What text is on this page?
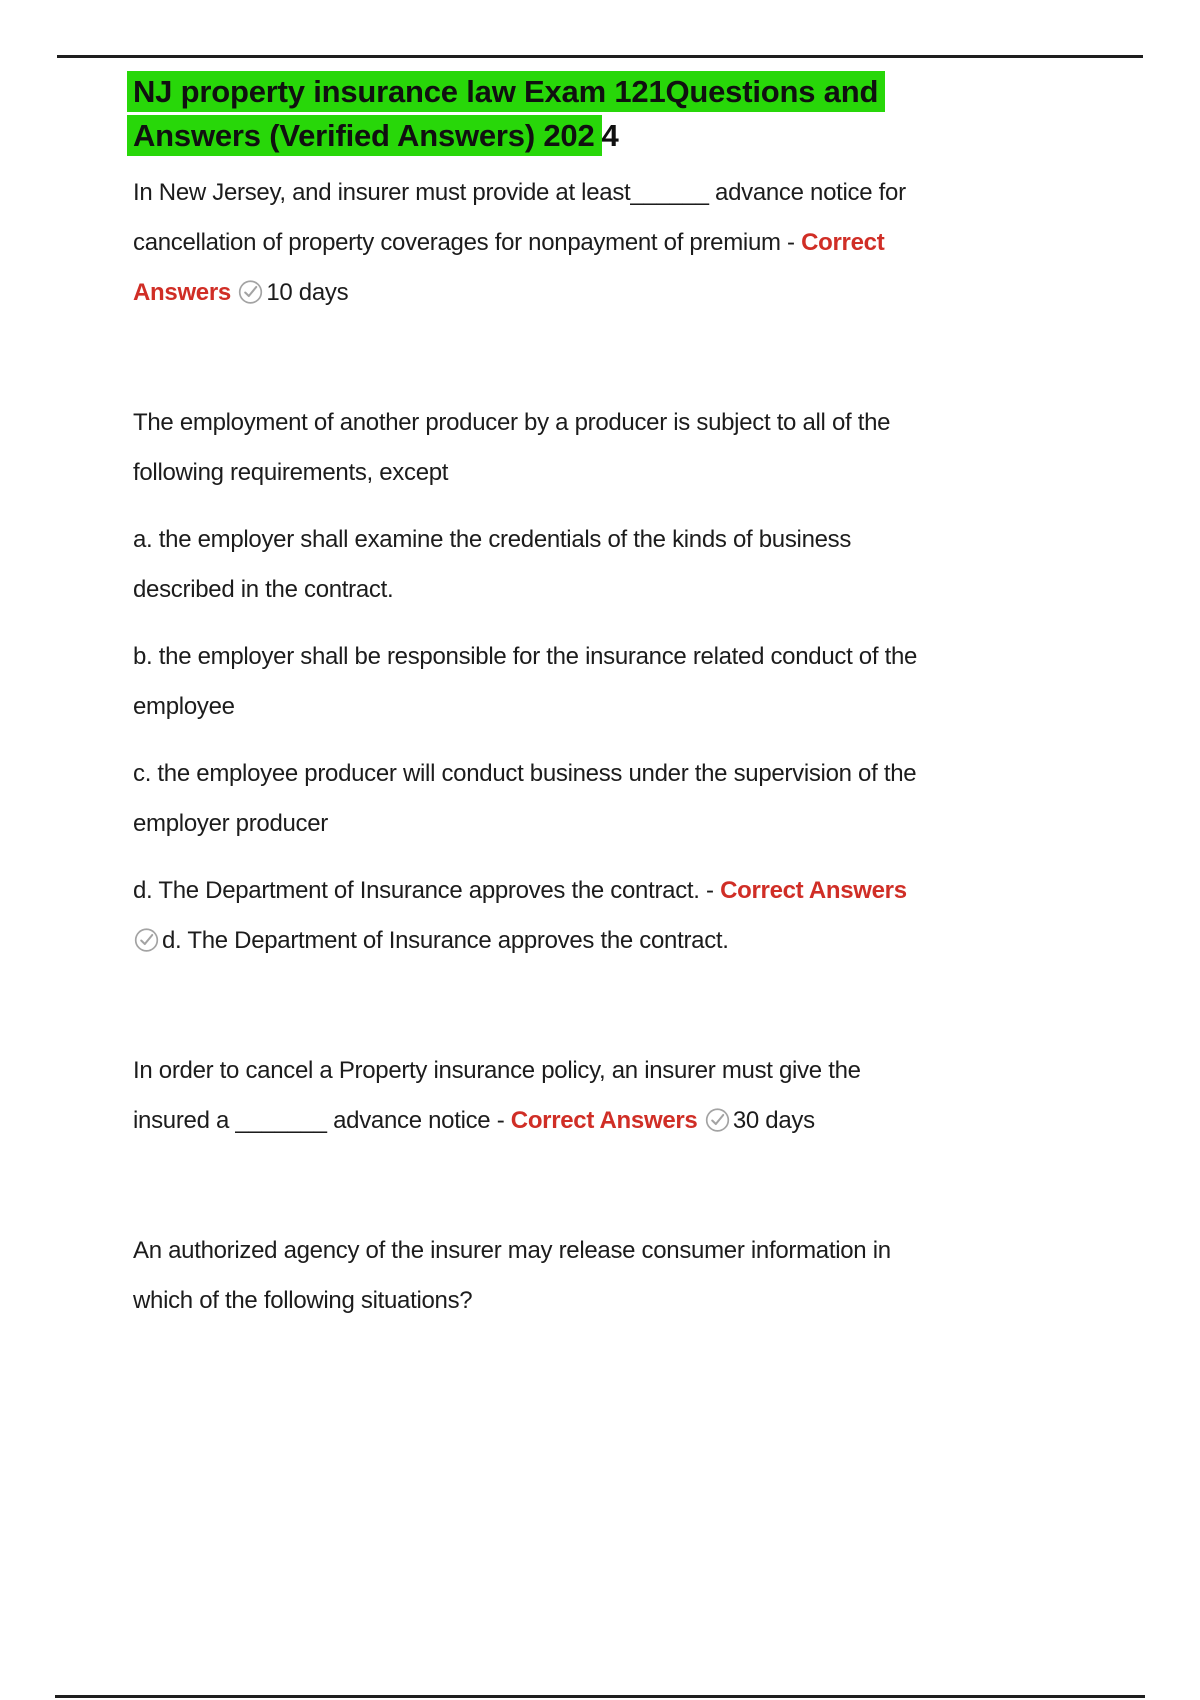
NJ property insurance law Exam 121Questions and
Answers (Verified Answers) 202 4

In New Jersey, and insurer must provide at least______ advance notice for
cancellation of property coverages for nonpayment of premium - Correct
Answers
10 days

The employment of another producer by a producer is subject to all of the
following requirements, except

a. the employer shall examine the credentials of the kinds of business
described in the contract.

b. the employer shall be responsible for the insurance related conduct of the
employee

c. the employee producer will conduct business under the supervision of the
employer producer

d. The Department of Insurance approves the contract. - Correct Answers

d. The Department of Insurance approves the contract.

In order to cancel a Property insurance policy, an insurer must give the
insured a _______ advance notice - Correct Answers
30 days

An authorized agency of the insurer may release consumer information in
which of the following situations?
